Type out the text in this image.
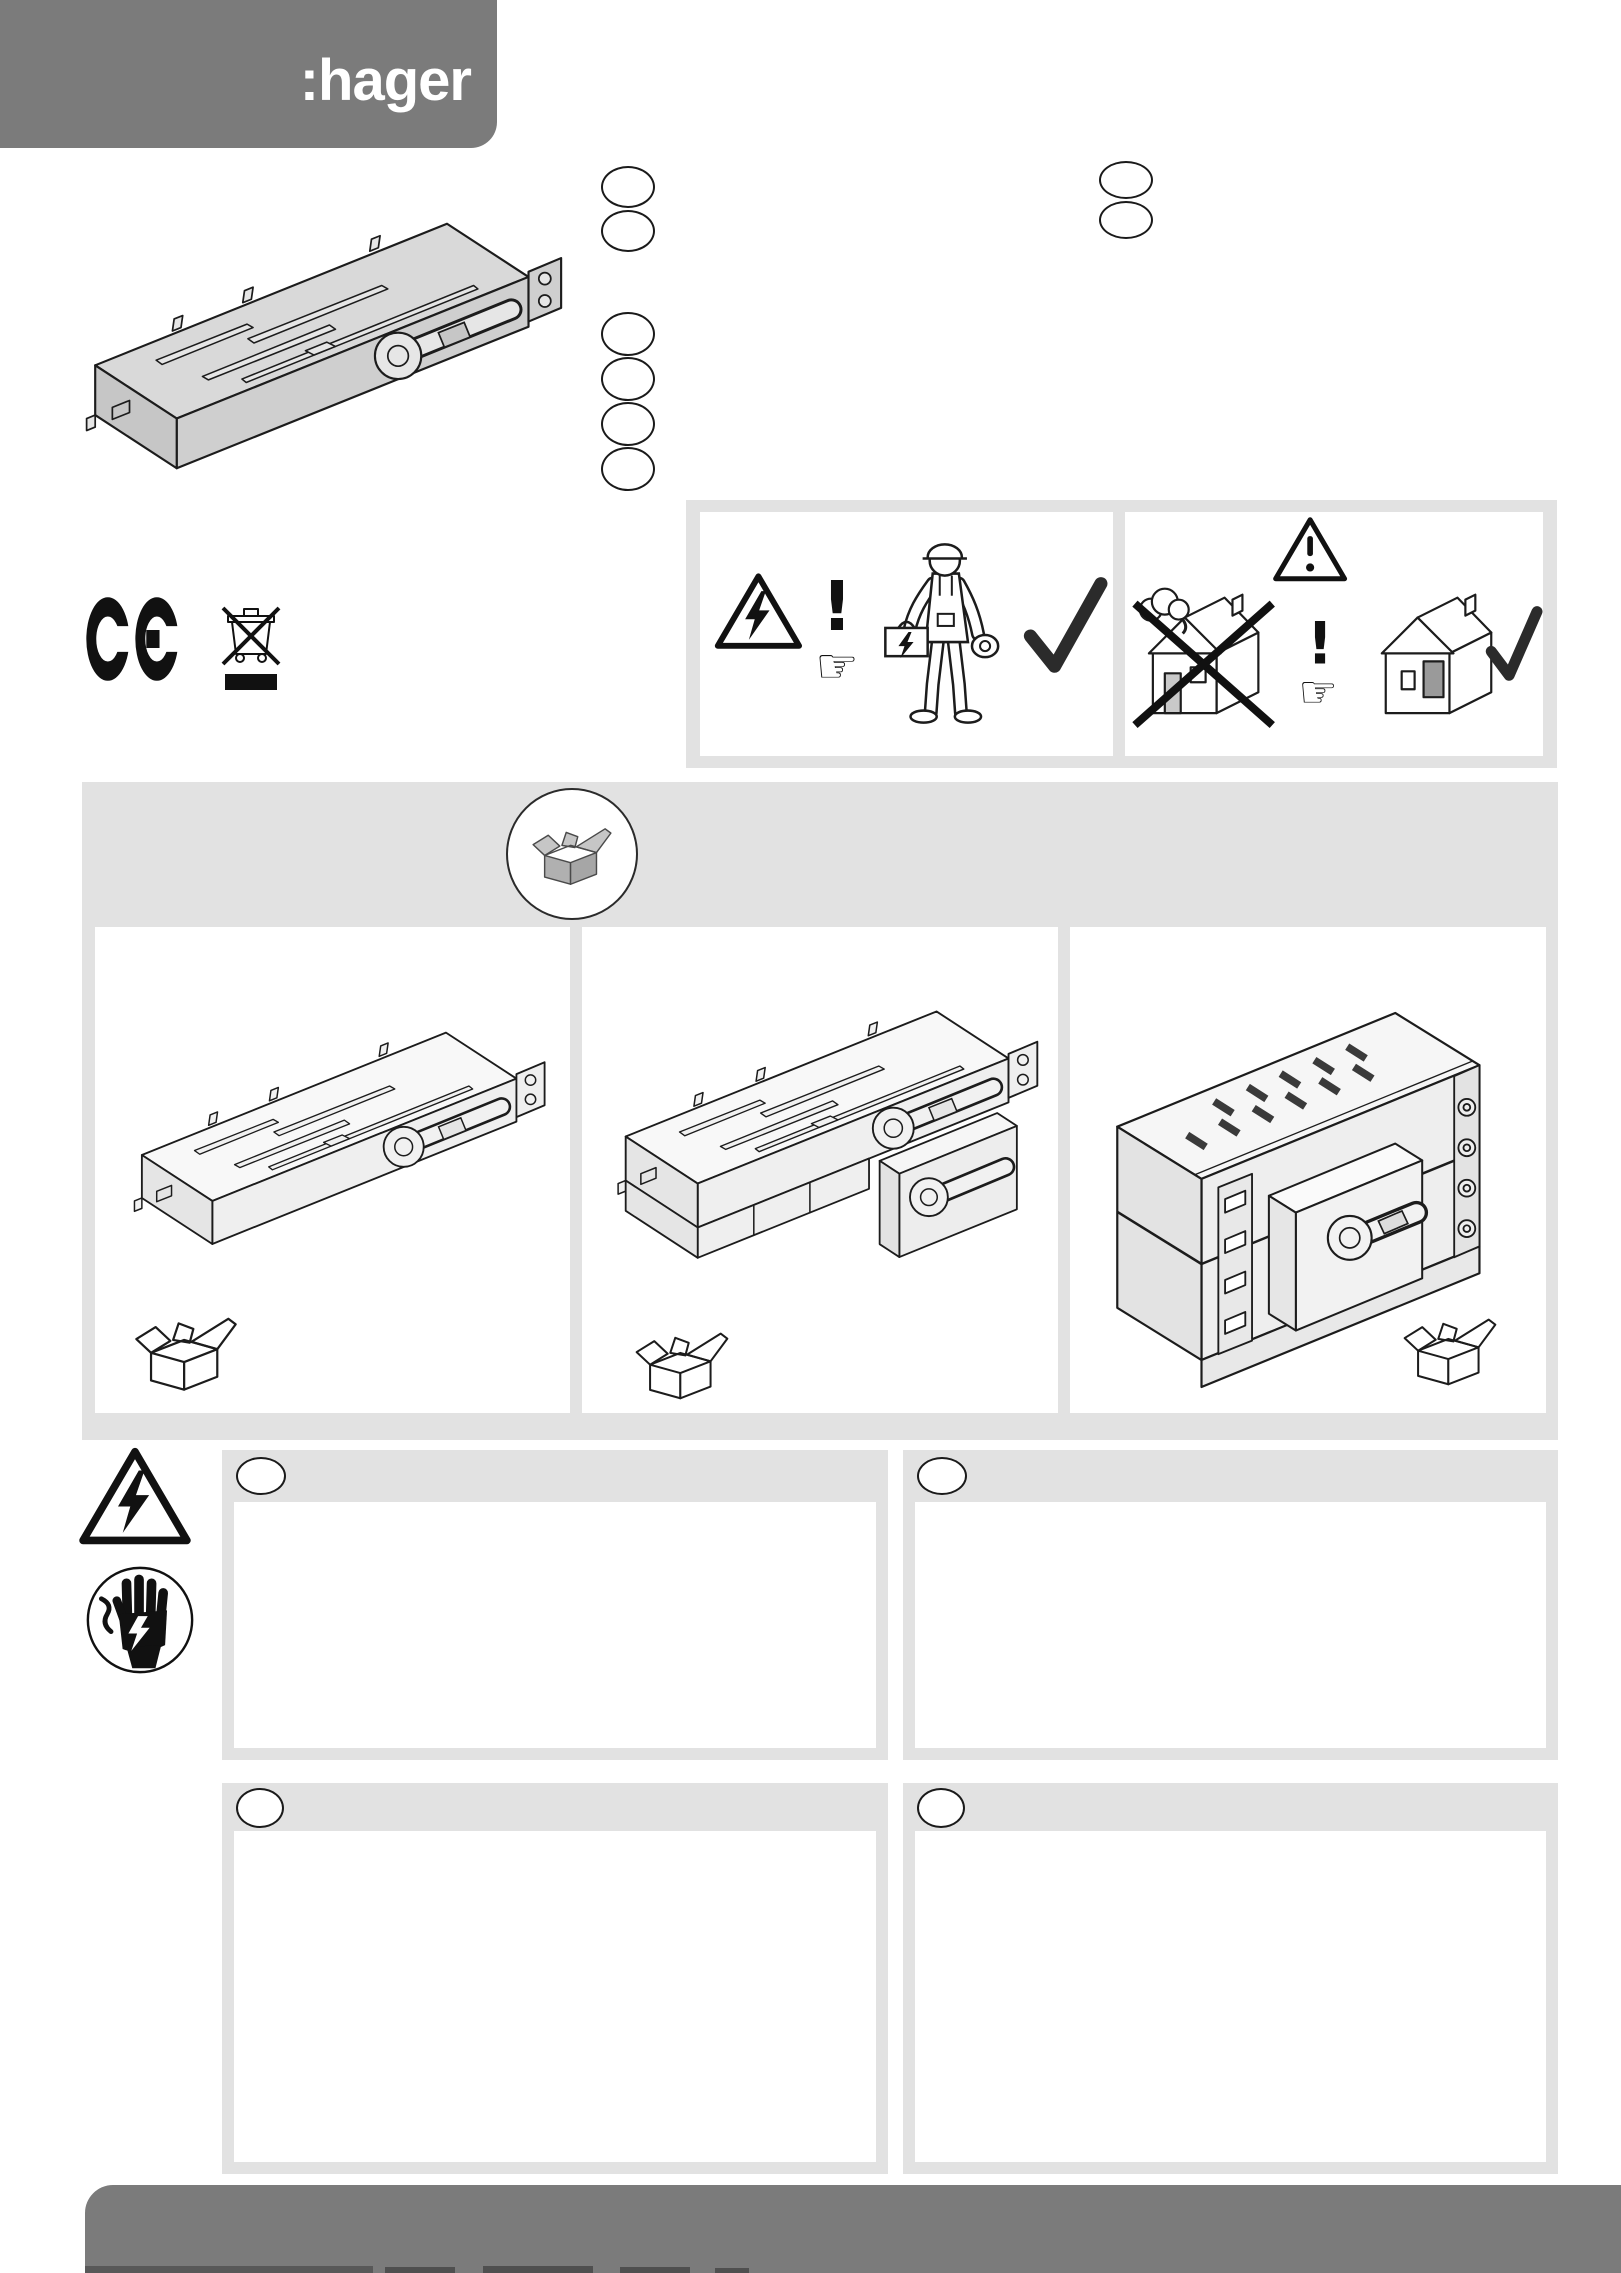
:hager
!
☞	!
☞
